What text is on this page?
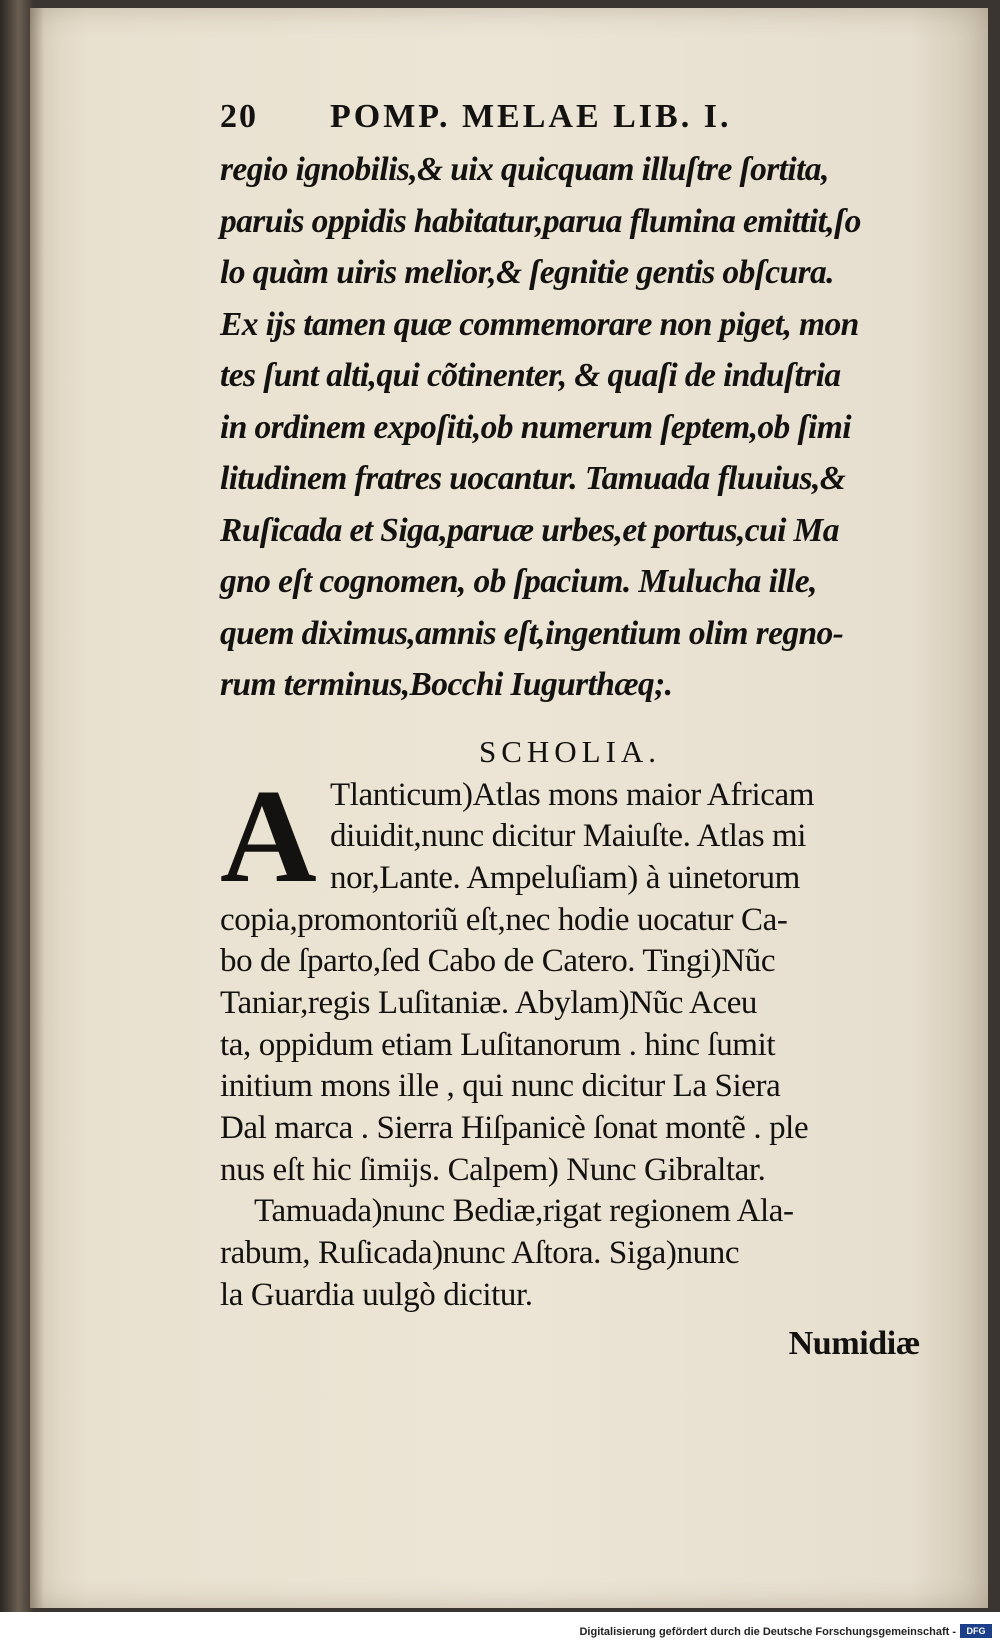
20	POMP. MELAE LIB. I.
regio ignobilis,& uix quicquam illuſtre ſortita,
paruis oppidis habitatur,parua flumina emittit,ſo
lo quàm uiris melior,& ſegnitie gentis obſcura.
Ex ijs tamen quæ commemorare non piget, mon
tes ſunt alti,qui cõtinenter, & quaſi de induſtria
in ordinem expoſiti,ob numerum ſeptem,ob ſimi
litudinem fratres uocantur. Tamuada fluuius,&
Ruſicada et Siga,paruæ urbes,et portus,cui Ma
gno eſt cognomen, ob ſpacium. Mulucha ille,
quem diximus,amnis eſt,ingentium olim regno-
rum terminus,Bocchi Iugurthæq;.
SCHOLIA.
A Tlanticum)Atlas mons maior Africam
diuidit,nunc dicitur Maiuſte. Atlas mi
nor,Lante. Ampeluſiam) à uinetorum
copia,promontoriũ eſt,nec hodie uocatur Ca-
bo de ſparto,ſed Cabo de Catero. Tingi)Nũc
Taniar,regis Luſitaniæ. Abylam)Nũc Aceu
ta, oppidum etiam Luſitanorum . hinc ſumit
initium mons ille , qui nunc dicitur La Siera
Dal marca . Sierra Hiſpanicè ſonat montẽ . ple
nus eſt hic ſimijs. Calpem) Nunc Gibraltar.
Tamuada)nunc Bediæ,rigat regionem Ala-
rabum, Ruſicada)nunc Aſtora. Siga)nunc
la Guardia uulgò dicitur.
Numidiæ
Digitalisierung gefördert durch die Deutsche Forschungsgemeinschaft -	DFG
